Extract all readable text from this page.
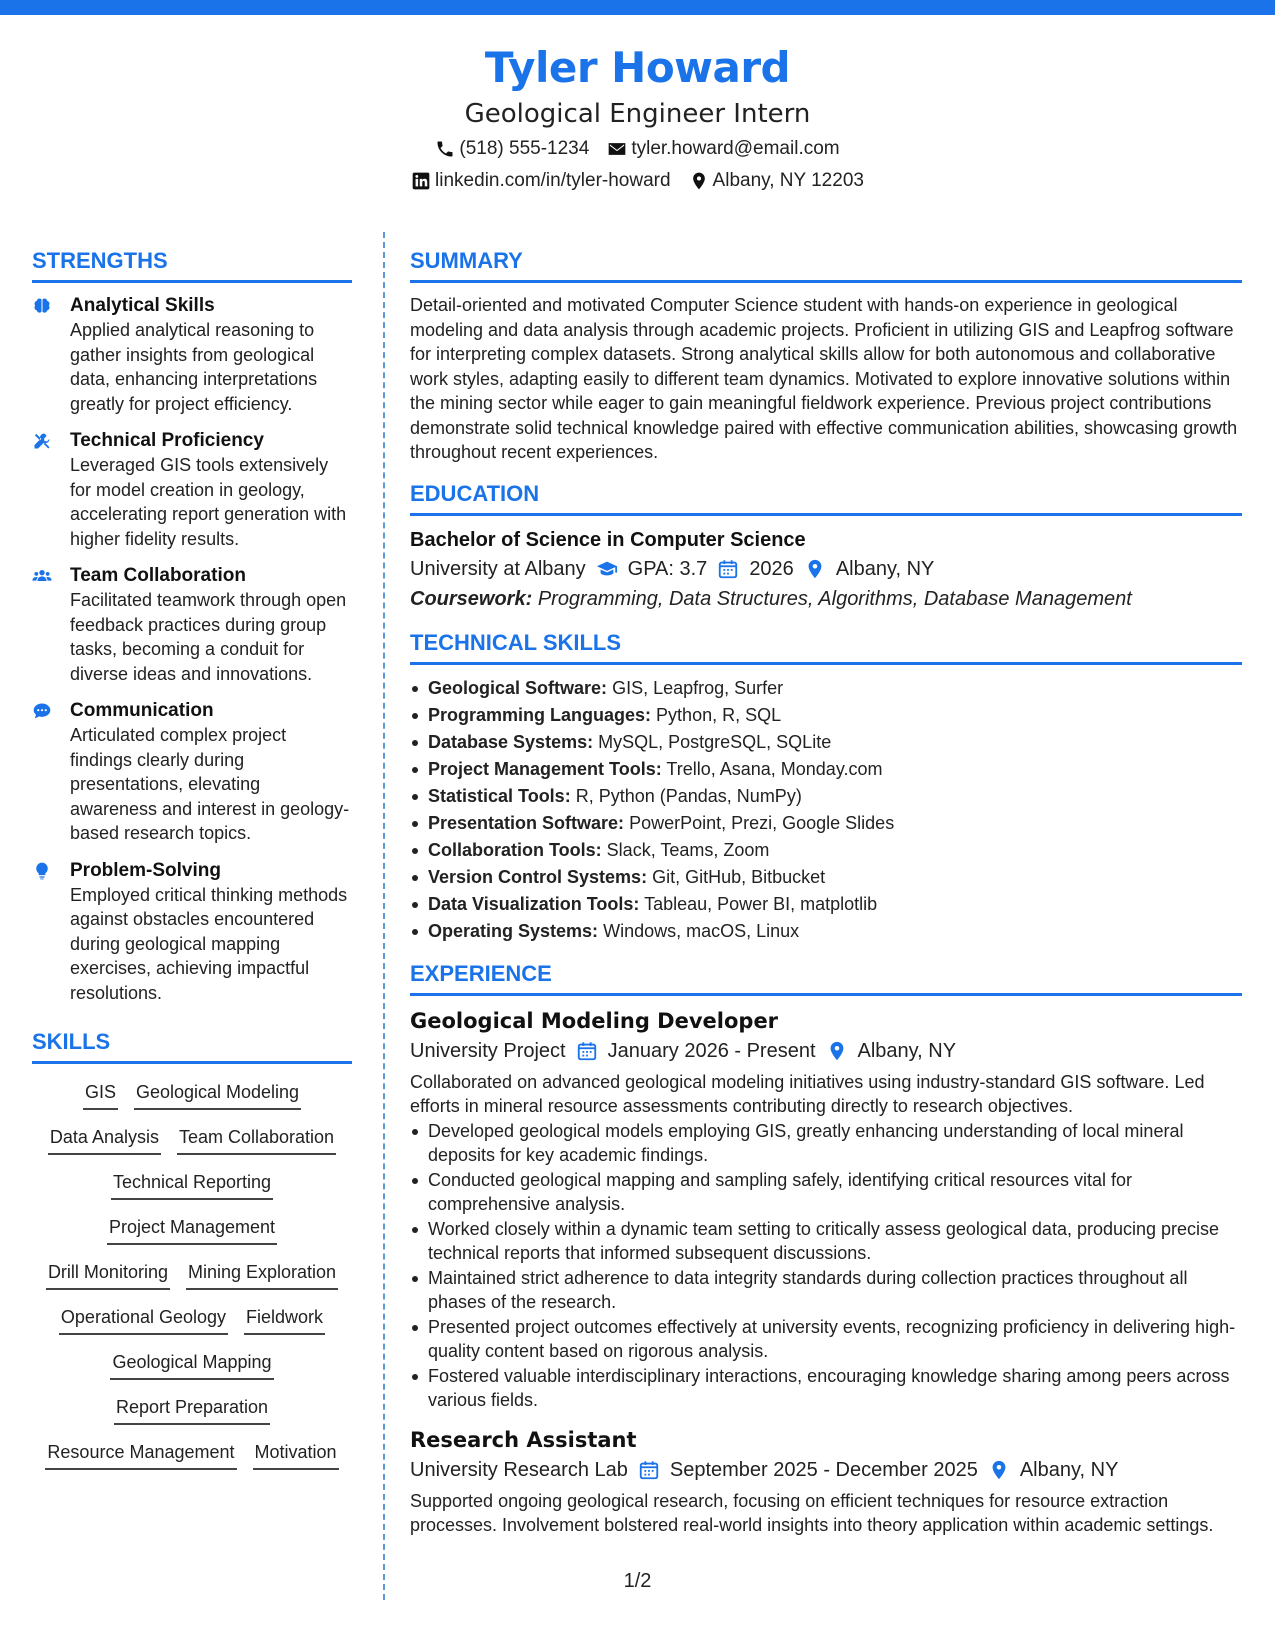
Tyler Howard
Geological Engineer Intern
(518) 555-1234 tyler.howard@email.com
linkedin.com/in/tyler-howard Albany, NY 12203
STRENGTHS
Analytical Skills

Applied analytical reasoning to gather insights from geological data, enhancing interpretations greatly for project efficiency.

Technical Proficiency

Leveraged GIS tools extensively for model creation in geology, accelerating report generation with higher fidelity results.

Team Collaboration

Facilitated teamwork through open feedback practices during group tasks, becoming a conduit for diverse ideas and innovations.

Communication

Articulated complex project findings clearly during presentations, elevating awareness and interest in geology-based research topics.

Problem-Solving

Employed critical thinking methods against obstacles encountered during geological mapping exercises, achieving impactful resolutions.

SKILLS
GIS Geological Modeling
Data Analysis Team Collaboration
Technical Reporting
Project Management
Drill Monitoring Mining Exploration
Operational Geology Fieldwork
Geological Mapping
Report Preparation
Resource Management Motivation
SUMMARY

Detail-oriented and motivated Computer Science student with hands-on experience in geological modeling and data analysis through academic projects. Proficient in utilizing GIS and Leapfrog software for interpreting complex datasets. Strong analytical skills allow for both autonomous and collaborative work styles, adapting easily to different team dynamics. Motivated to explore innovative solutions within the mining sector while eager to gain meaningful fieldwork experience. Previous project contributions demonstrate solid technical knowledge paired with effective communication abilities, showcasing growth throughout recent experiences.

EDUCATION
Bachelor of Science in Computer Science
University at Albany GPA: 3.7 2026 Albany, NY
Coursework: Programming, Data Structures, Algorithms, Database Management
TECHNICAL SKILLS
Geological Software: GIS, Leapfrog, Surfer
Programming Languages: Python, R, SQL
Database Systems: MySQL, PostgreSQL, SQLite
Project Management Tools: Trello, Asana, Monday.com
Statistical Tools: R, Python (Pandas, NumPy)
Presentation Software: PowerPoint, Prezi, Google Slides
Collaboration Tools: Slack, Teams, Zoom
Version Control Systems: Git, GitHub, Bitbucket
Data Visualization Tools: Tableau, Power BI, matplotlib
Operating Systems: Windows, macOS, Linux
EXPERIENCE
Geological Modeling Developer
University Project January 2026 - Present Albany, NY
Collaborated on advanced geological modeling initiatives using industry-standard GIS software. Led efforts in mineral resource assessments contributing directly to research objectives.
Developed geological models employing GIS, greatly enhancing understanding of local mineral deposits for key academic findings.
Conducted geological mapping and sampling safely, identifying critical resources vital for comprehensive analysis.
Worked closely within a dynamic team setting to critically assess geological data, producing precise technical reports that informed subsequent discussions.
Maintained strict adherence to data integrity standards during collection practices throughout all phases of the research.
Presented project outcomes effectively at university events, recognizing proficiency in delivering high-quality content based on rigorous analysis.
Fostered valuable interdisciplinary interactions, encouraging knowledge sharing among peers across various fields.
Research Assistant
University Research Lab September 2025 - December 2025 Albany, NY
Supported ongoing geological research, focusing on efficient techniques for resource extraction processes. Involvement bolstered real-world insights into theory application within academic settings.
1/2
